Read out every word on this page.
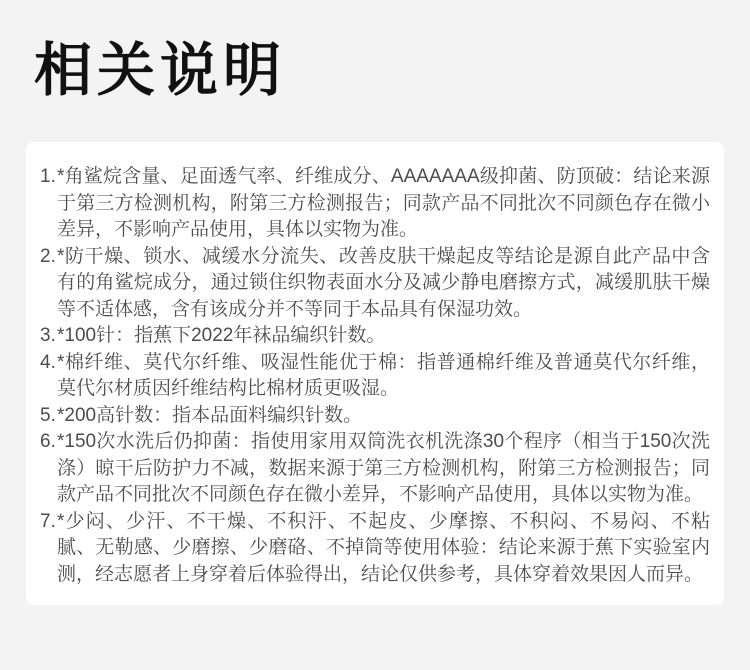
相关说明
1. *角鲨烷含量、足面透气率、纤维成分、AAAAAAA级抑菌、防顶破：结论来源于第三方检测机构，附第三方检测报告；同款产品不同批次不同颜色存在微小差异，不影响产品使用，具体以实物为准。
2. *防干燥、锁水、减缓水分流失、改善皮肤干燥起皮等结论是源自此产品中含有的角鲨烷成分，通过锁住织物表面水分及减少静电磨擦方式，减缓肌肤干燥等不适体感，含有该成分并不等同于本品具有保湿功效。
3. *100针：指蕉下2022年袜品编织针数。
4. *棉纤维、莫代尔纤维、吸湿性能优于棉：指普通棉纤维及普通莫代尔纤维，莫代尔材质因纤维结构比棉材质更吸湿。
5. *200高针数：指本品面料编织针数。
6. *150次水洗后仍抑菌：指使用家用双筒洗衣机洗涤30个程序（相当于150次洗涤）晾干后防护力不减，数据来源于第三方检测机构，附第三方检测报告；同款产品不同批次不同颜色存在微小差异，不影响产品使用，具体以实物为准。
7. *少闷、少汗、不干燥、不积汗、不起皮、少摩擦、不积闷、不易闷、不粘腻、无勒感、少磨擦、少磨硌、不掉筒等使用体验：结论来源于蕉下实验室内测，经志愿者上身穿着后体验得出，结论仅供参考，具体穿着效果因人而异。
